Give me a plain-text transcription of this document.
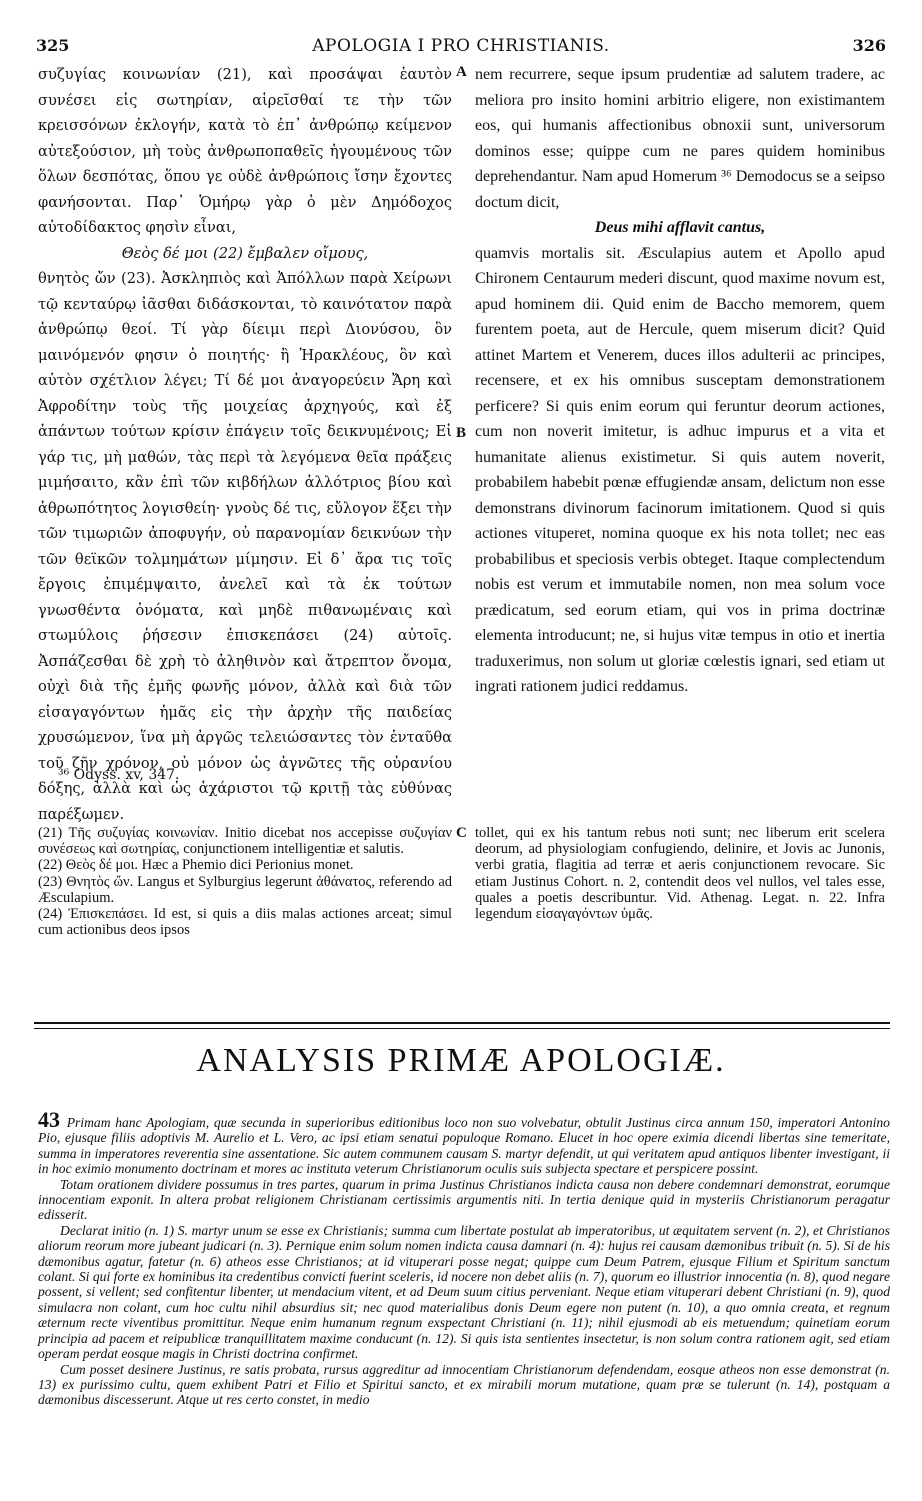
325	APOLOGIA I PRO CHRISTIANIS.	326

συζυγίας κοινωνίαν (21), καὶ προσάψαι ἑαυτὸν συνέσει εἰς σωτηρίαν, αἱρεῖσθαί τε τὴν τῶν κρεισσόνων ἐκλογήν, κατὰ τὸ ἐπ᾽ ἀνθρώπῳ κείμενον αὐτεξούσιον, μὴ τοὺς ἀνθρωποπαθεῖς ἡγουμένους τῶν ὅλων δεσπότας, ὅπου γε οὐδὲ ἀνθρώποις ἴσην ἔχοντες φανήσονται. Παρ᾽ Ὁμήρῳ γὰρ ὁ μὲν Δημόδοχος αὐτοδίδακτος φησὶν εἶναι,

Θεὸς δέ μοι (22) ἔμβαλεν οἴμους,

θνητὸς ὤν (23). Ἀσκληπιὸς καὶ Ἀπόλλων παρὰ Χείρωνι τῷ κενταύρῳ ἰᾶσθαι διδάσκονται, τὸ καινότατον παρὰ ἀνθρώπῳ θεοί. Τί γὰρ δίειμι περὶ Διονύσου, ὃν μαινόμενόν φησιν ὁ ποιητής· ἢ Ἡρακλέους, ὃν καὶ αὐτὸν σχέτλιον λέγει; Τί δέ μοι ἀναγορεύειν Ἄρη καὶ Ἀφροδίτην τοὺς τῆς μοιχείας ἀρχηγούς, καὶ ἐξ ἁπάντων τούτων κρίσιν ἐπάγειν τοῖς δεικνυμένοις; Εἰ γάρ τις, μὴ μαθών, τὰς περὶ τὰ λεγόμενα θεῖα πράξεις μιμήσαιτο, κἂν ἐπὶ τῶν κιβδήλων ἀλλότριος βίου καὶ ἀθρωπότητος λογισθείη· γνοὺς δέ τις, εὔλογον ἕξει τὴν τῶν τιμωριῶν ἀποφυγήν, οὐ παρανομίαν δεικνύων τὴν τῶν θεϊκῶν τολμημάτων μίμησιν. Εἰ δ᾽ ἄρα τις τοῖς ἔργοις ἐπιμέμψαιτο, ἀνελεῖ καὶ τὰ ἐκ τούτων γνωσθέντα ὀνόματα, καὶ μηδὲ πιθανωμέναις καὶ στωμύλοις ῥήσεσιν ἐπισκεπάσει (24) αὐτοῖς. Ἀσπάζεσθαι δὲ χρὴ τὸ ἀληθινὸν καὶ ἄτρεπτον ὄνομα, οὐχὶ διὰ τῆς ἐμῆς φωνῆς μόνον, ἀλλὰ καὶ διὰ τῶν εἰσαγαγόντων ἡμᾶς εἰς τὴν ἀρχὴν τῆς παιδείας χρυσώμενον, ἵνα μὴ ἀργῶς τελειώσαντες τὸν ἐνταῦθα τοῦ ζῆν χρόνον, οὐ μόνον ὡς ἀγνῶτες τῆς οὐρανίου δόξης, ἀλλὰ καὶ ὡς ἀχάριστοι τῷ κριτῇ τὰς εὐθύνας παρέξωμεν.

A
B
C

nem recurrere, seque ipsum prudentiæ ad salutem tradere, ac meliora pro insito homini arbitrio eligere, non existimantem eos, qui humanis affectionibus obnoxii sunt, universorum dominos esse; quippe cum ne pares quidem hominibus deprehendantur. Nam apud Homerum ³⁶ Demodocus se a seipso doctum dicit,

Deus mihi afflavit cantus,

quamvis mortalis sit. Æsculapius autem et Apollo apud Chironem Centaurum mederi discunt, quod maxime novum est, apud hominem dii. Quid enim de Baccho memorem, quem furentem poeta, aut de Hercule, quem miserum dicit? Quid attinet Martem et Venerem, duces illos adulterii ac principes, recensere, et ex his omnibus susceptam demonstrationem perficere? Si quis enim eorum qui feruntur deorum actiones, cum non noverit imitetur, is adhuc impurus et a vita et humanitate alienus existimetur. Si quis autem noverit, probabilem habebit pœnæ effugiendæ ansam, delictum non esse demonstrans divinorum facinorum imitationem. Quod si quis actiones vituperet, nomina quoque ex his nota tollet; nec eas probabilibus et speciosis verbis obteget. Itaque complectendum nobis est verum et immutabile nomen, non mea solum voce prædicatum, sed eorum etiam, qui vos in prima doctrinæ elementa introducunt; ne, si hujus vitæ tempus in otio et inertia traduxerimus, non solum ut gloriæ cœlestis ignari, sed etiam ut ingrati rationem judici reddamus.

³⁶ Odyss. xv, 347.

(21) Τῆς συζυγίας κοινωνίαν. Initio dicebat nos accepisse συζυγίαν συνέσεως καὶ σωτηρίας, conjunctionem intelligentiæ et salutis.

(22) Θεὸς δέ μοι. Hæc a Phemio dici Perionius monet.

(23) Θνητὸς ὤν. Langus et Sylburgius legerunt ἀθάνατος, referendo ad Æsculapium.

(24) Ἐπισκεπάσει. Id est, si quis a diis malas actiones arceat; simul cum actionibus deos ipsos

tollet, qui ex his tantum rebus noti sunt; nec liberum erit scelera deorum, ad physiologiam confugiendo, delinire, et Jovis ac Junonis, verbi gratia, flagitia ad terræ et aeris conjunctionem revocare. Sic etiam Justinus Cohort. n. 2, contendit deos vel nullos, vel tales esse, quales a poetis describuntur. Vid. Athenag. Legat. n. 22. Infra legendum εἰσαγαγόντων ὑμᾶς.

ANALYSIS PRIMÆ APOLOGIÆ.

43 Primam hanc Apologiam, quæ secunda in superioribus editionibus loco non suo volvebatur, obtulit Justinus circa annum 150, imperatori Antonino Pio, ejusque filiis adoptivis M. Aurelio et L. Vero, ac ipsi etiam senatui populoque Romano. Elucet in hoc opere eximia dicendi libertas sine temeritate, summa in imperatores reverentia sine assentatione. Sic autem communem causam S. martyr defendit, ut qui veritatem apud antiquos libenter investigant, ii in hoc eximio monumento doctrinam et mores ac instituta veterum Christianorum oculis suis subjecta spectare et perspicere possint.

Totam orationem dividere possumus in tres partes, quarum in prima Justinus Christianos indicta causa non debere condemnari demonstrat, eorumque innocentiam exponit. In altera probat religionem Christianam certissimis argumentis niti. In tertia denique quid in mysteriis Christianorum peragatur edisserit.

Declarat initio (n. 1) S. martyr unum se esse ex Christianis; summa cum libertate postulat ab imperatoribus, ut æquitatem servent (n. 2), et Christianos aliorum reorum more jubeant judicari (n. 3). Pernique enim solum nomen indicta causa damnari (n. 4): hujus rei causam dæmonibus tribuit (n. 5). Si de his dæmonibus agatur, fatetur (n. 6) atheos esse Christianos; at id vituperari posse negat; quippe cum Deum Patrem, ejusque Filium et Spiritum sanctum colant. Si qui forte ex hominibus ita credentibus convicti fuerint sceleris, id nocere non debet aliis (n. 7), quorum eo illustrior innocentia (n. 8), quod negare possent, si vellent; sed confitentur libenter, ut mendacium vitent, et ad Deum suum citius perveniant. Neque etiam vituperari debent Christiani (n. 9), quod simulacra non colant, cum hoc cultu nihil absurdius sit; nec quod materialibus donis Deum egere non putent (n. 10), a quo omnia creata, et regnum æternum recte viventibus promittitur. Neque enim humanum regnum exspectant Christiani (n. 11); nihil ejusmodi ab eis metuendum; quinetiam eorum principia ad pacem et reipublicæ tranquillitatem maxime conducunt (n. 12). Si quis ista sentientes insectetur, is non solum contra rationem agit, sed etiam operam perdat eosque magis in Christi doctrina confirmet.

Cum posset desinere Justinus, re satis probata, rursus aggreditur ad innocentiam Christianorum defendendam, eosque atheos non esse demonstrat (n. 13) ex purissimo cultu, quem exhibent Patri et Filio et Spiritui sancto, et ex mirabili morum mutatione, quam præ se tulerunt (n. 14), postquam a dæmonibus discesserunt. Atque ut res certo constet, in medio
